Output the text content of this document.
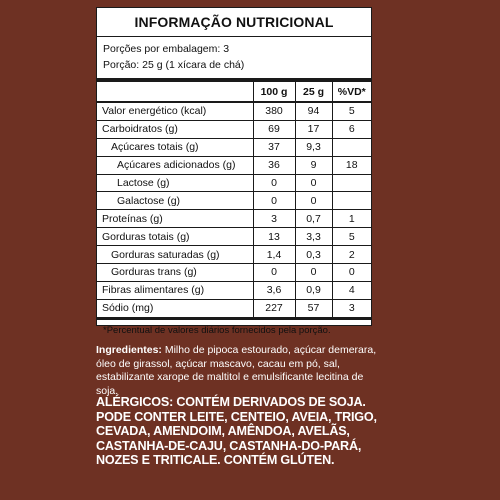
INFORMAÇÃO NUTRICIONAL
Porções por embalagem: 3
Porção: 25 g (1 xícara de chá)
	100 g	25 g	%VD*
Valor energético (kcal)	380	94	5
Carboidratos (g)	69	17	6
Açúcares totais (g)	37	9,3	
Açúcares adicionados (g)	36	9	18
Lactose (g)	0	0	
Galactose (g)	0	0	
Proteínas (g)	3	0,7	1
Gorduras totais (g)	13	3,3	5
Gorduras saturadas (g)	1,4	0,3	2
Gorduras trans (g)	0	0	0
Fibras alimentares (g)	3,6	0,9	4
Sódio (mg)	227	57	3
*Percentual de valores diários fornecidos pela porção.
Ingredientes: Milho de pipoca estourado, açúcar demerara, óleo de girassol, açúcar mascavo, cacau em pó, sal, estabilizante xarope de maltitol e emulsificante lecitina de soja.
ALÉRGICOS: CONTÉM DERIVADOS DE SOJA. PODE CONTER LEITE, CENTEIO, AVEIA, TRIGO, CEVADA, AMENDOIM, AMÊNDOA, AVELÃS, CASTANHA-DE-CAJU, CASTANHA-DO-PARÁ, NOZES E TRITICALE. CONTÉM GLÚTEN.
